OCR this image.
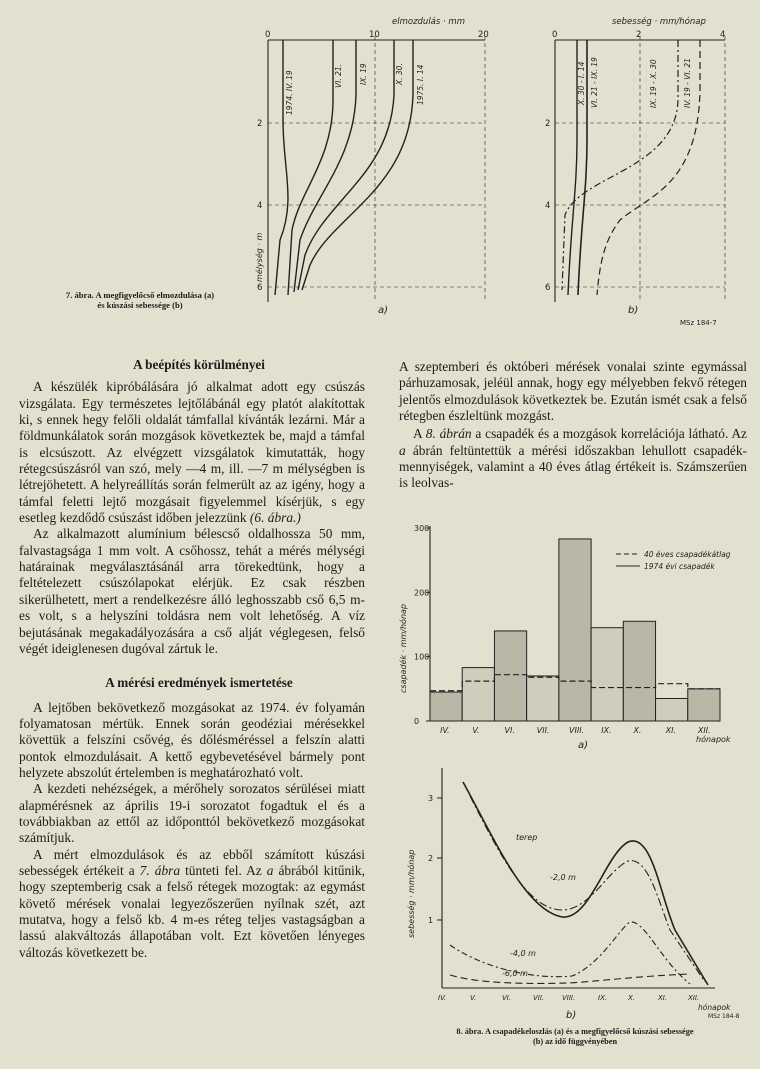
elmozdulás · mm
0	10	20
2
4
6
mélység · m
1974. IV. 19	VI. 21. IX. 19	X. 30. 1975. I. 14
a)
sebesség · mm/hónap
0	2	4
2
4
6
X. 30 - I. 14 VI. 21 - IX. 19	IX. 19 - X. 30	IV. 19 - VI. 21
b)
MSz 184-7
7. ábra. A megfigyelőcső elmozdulása (a)
és kúszási sebessége (b)

A beépítés körülményei

A készülék kipróbálására jó alkalmat adott egy csúszás vizsgálata. Egy természetes lejtőlábánál egy platót alakítottak ki, s ennek hegy felőli oldalát támfallal kívánták lezárni. Már a földmunkálatok során mozgások következtek be, majd a támfal is elcsúszott. Az elvégzett vizsgálatok kimutatták, hogy rétegcsúszásról van szó, mely —4 m, ill. —7 m mélységben is létrejöhetett. A helyreállítás során felmerült az az igény, hogy a támfal feletti lejtő mozgásait figyelemmel kísérjük, s egy esetleg kezdődő csúszást időben jelezzünk (6. ábra.)

Az alkalmazott alumínium bélescső oldalhossza 50 mm, falvastagsága 1 mm volt. A csőhossz, tehát a mérés mélységi határainak megválasztásánál arra törekedtünk, hogy a feltételezett csúszólapokat elérjük. Ez csak részben sikerülhetett, mert a rendelkezésre álló leghosszabb cső 6,5 m-es volt, s a helyszíni toldásra nem volt lehetőség. A víz bejutásának megakadályozására a cső alját véglegesen, felső végét ideiglenesen dugóval zártuk le.

A mérési eredmények ismertetése

A lejtőben bekövetkező mozgásokat az 1974. év folyamán folyamatosan mértük. Ennek során geodéziai mérésekkel követtük a felszíni csővég, és dőlésméréssel a felszín alatti pontok elmozdulásait. A kettő egybevetésével bármely pont helyzete abszolút értelemben is meghatározható volt.

A kezdeti nehézségek, a mérőhely sorozatos sérülései miatt alapmérésnek az április 19-i sorozatot fogadtuk el és a továbbiakban az ettől az időponttól bekövetkező mozgásokat számítjuk.

A mért elmozdulások és az ebből számított kúszási sebességek értékeit a 7. ábra tünteti fel. Az a ábrából kitűnik, hogy szeptemberig csak a felső rétegek mozogtak: az egymást követő mérések vonalai legyezőszerűen nyílnak szét, azt mutatva, hogy a felső kb. 4 m-es réteg teljes vastagságban a lassú alakváltozás állapotában volt. Ezt követően lényeges változás következett be.

A szeptemberi és októberi mérések vonalai szinte egymással párhuzamosak, jeléül annak, hogy egy mélyebben fekvő rétegen jelentős elmozdulások következtek be. Ezután ismét csak a felső rétegben észleltünk mozgást.

A 8. ábrán a csapadék és a mozgások korrelációja látható. Az a ábrán feltüntettük a mérési időszakban lehullott csapadék-mennyiségek, valamint a 40 éves átlag értékeit is. Számszerűen is leolvas-

0
100
200
300
IV.	V.	VI.	VII. VIII. IX.	X.	XI.	XII.
40 éves csapadékátlag
1974 évi csapadék
csapadék · mm/hónap
hónapok
a)
1
2
3
sebesség · mm/hónap
terep
-2,0 m
-4,0 m
-6,0 m
IV.	V.	VI.	VII.	VIII.	IX.	X.	XI.	XII.
hónapok
b)	MSz 184-8
8. ábra. A csapadékeloszlás (a) és a megfigyelőcső kúszási sebessége
(b) az idő függvényében
